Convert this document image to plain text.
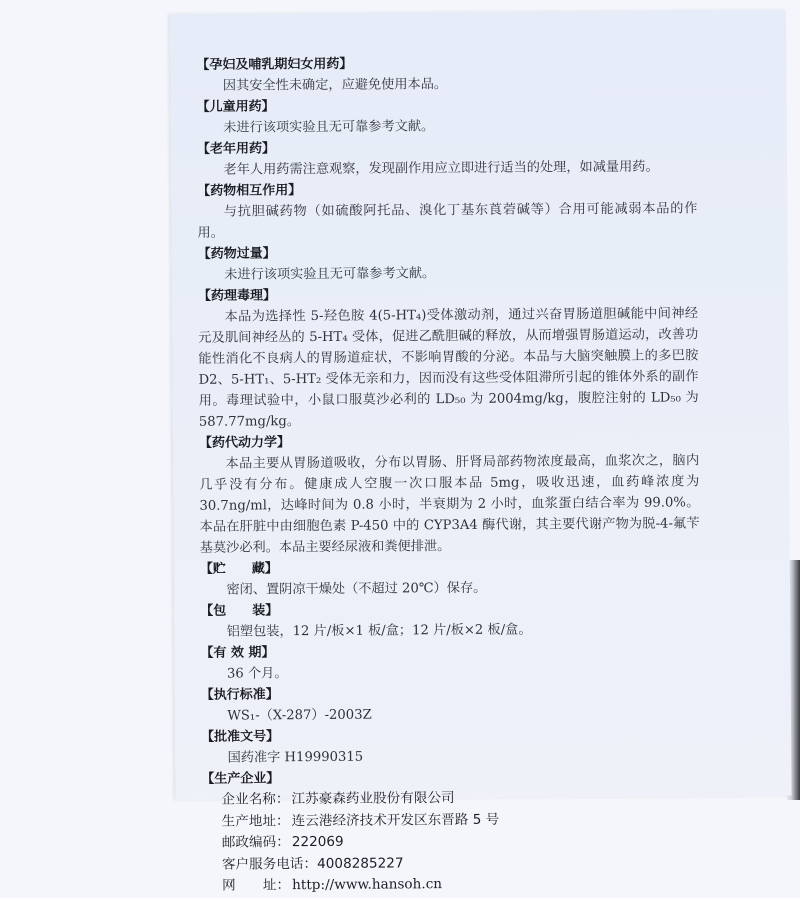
【孕妇及哺乳期妇女用药】
因其安全性未确定，应避免使用本品。
【儿童用药】
未进行该项实验且无可靠参考文献。
【老年用药】
老年人用药需注意观察，发现副作用应立即进行适当的处理，如减量用药。
【药物相互作用】
与抗胆碱药物（如硫酸阿托品、溴化丁基东莨菪碱等）合用可能减弱本品的作用。
【药物过量】
未进行该项实验且无可靠参考文献。
【药理毒理】
本品为选择性 5-羟色胺 4(5-HT₄)受体激动剂，通过兴奋胃肠道胆碱能中间神经元及肌间神经丛的 5-HT₄ 受体，促进乙酰胆碱的释放，从而增强胃肠道运动，改善功能性消化不良病人的胃肠道症状，不影响胃酸的分泌。本品与大脑突触膜上的多巴胺 D2、5-HT₁、5-HT₂ 受体无亲和力，因而没有这些受体阻滞所引起的锥体外系的副作用。毒理试验中，小鼠口服莫沙必利的 LD₅₀ 为 2004mg/kg，腹腔注射的 LD₅₀ 为 587.77mg/kg。
【药代动力学】
本品主要从胃肠道吸收，分布以胃肠、肝肾局部药物浓度最高，血浆次之，脑内几乎没有分布。健康成人空腹一次口服本品 5mg，吸收迅速，血药峰浓度为 30.7ng/ml，达峰时间为 0.8 小时，半衰期为 2 小时，血浆蛋白结合率为 99.0%。本品在肝脏中由细胞色素 P-450 中的 CYP3A4 酶代谢，其主要代谢产物为脱-4-氟苄基莫沙必利。本品主要经尿液和粪便排泄。
【贮　　藏】
密闭、置阴凉干燥处（不超过 20℃）保存。
【包　　装】
铝塑包装，12 片/板×1 板/盒；12 片/板×2 板/盒。
【有 效 期】
36 个月。
【执行标准】
WS₁-（X-287）-2003Z
【批准文号】
国药准字 H19990315
【生产企业】
企业名称： 江苏豪森药业股份有限公司
生产地址： 连云港经济技术开发区东晋路 5 号
邮政编码： 222069
客户服务电话：4008285227
网　　址： http://www.hansoh.cn
